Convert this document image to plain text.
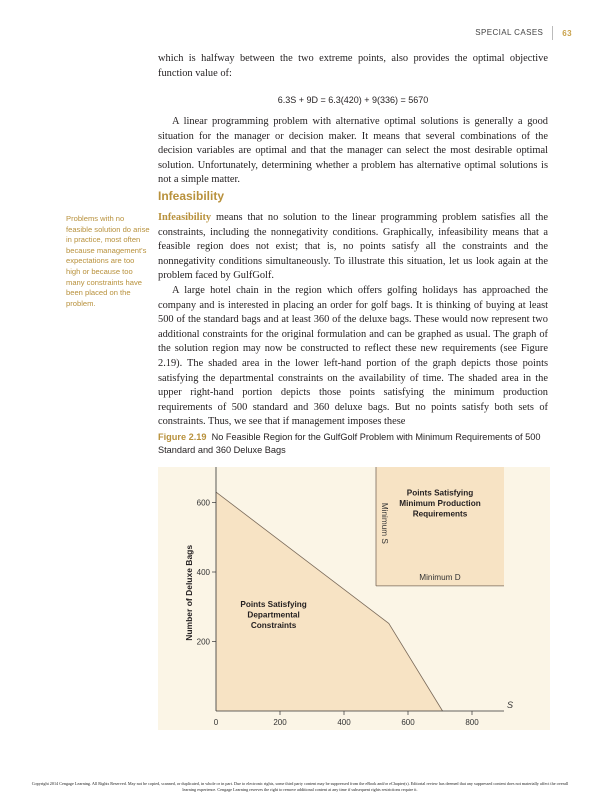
SPECIAL CASES	63

which is halfway between the two extreme points, also provides the optimal objective function value of:

6.3S + 9D = 6.3(420) + 9(336) = 5670

A linear programming problem with alternative optimal solutions is generally a good situation for the manager or decision maker. It means that several combinations of the decision variables are optimal and that the manager can select the most desirable optimal solution. Unfortunately, determining whether a problem has alternative optimal solutions is not a simple matter.

Infeasibility
Problems with no feasible solution do arise in practice, most often because management's expectations are too high or because too many constraints have been placed on the problem.

Infeasibility means that no solution to the linear programming problem satisfies all the constraints, including the nonnegativity conditions. Graphically, infeasibility means that a feasible region does not exist; that is, no points satisfy all the constraints and the nonnegativity conditions simultaneously. To illustrate this situation, let us look again at the problem faced by GulfGolf.

A large hotel chain in the region which offers golfing holidays has approached the company and is interested in placing an order for golf bags. It is thinking of buying at least 500 of the standard bags and at least 360 of the deluxe bags. These would now represent two additional constraints for the original formulation and can be graphed as usual. The graph of the solution region may now be constructed to reflect these new requirements (see Figure 2.19). The shaded area in the lower left-hand portion of the graph depicts those points satisfying the departmental constraints on the availability of time. The shaded area in the upper right-hand portion depicts those points satisfying the minimum production requirements of 500 standard and 360 deluxe bags. But no points satisfy both sets of constraints. Thus, we see that if management imposes these

Figure 2.19 No Feasible Region for the GulfGolf Problem with Minimum Requirements of 500 Standard and 360 Deluxe Bags
0	200	400	600	800
200
400
600
S
Number of Deluxe Bags	Points Satisfying
Departmental
Constraints
Points Satisfying
Minimum Production
Requirements
Minimum S
Minimum D
Copyright 2014 Cengage Learning. All Rights Reserved. May not be copied, scanned, or duplicated, in whole or in part. Due to electronic rights, some third party content may be suppressed from the eBook and/or eChapter(s). Editorial review has deemed that any suppressed content does not materially affect the overall learning experience. Cengage Learning reserves the right to remove additional content at any time if subsequent rights restrictions require it.
